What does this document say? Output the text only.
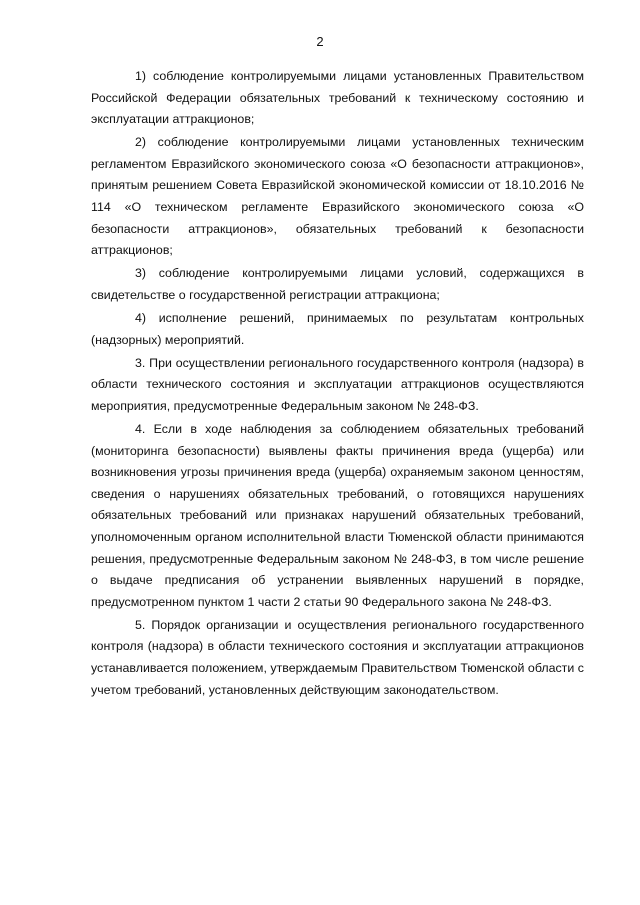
2

1) соблюдение контролируемыми лицами установленных Правительством Российской Федерации обязательных требований к техническому состоянию и эксплуатации аттракционов;

2) соблюдение контролируемыми лицами установленных техническим регламентом Евразийского экономического союза «О безопасности аттракционов», принятым решением Совета Евразийской экономической комиссии от 18.10.2016 № 114 «О техническом регламенте Евразийского экономического союза «О безопасности аттракционов», обязательных требований к безопасности аттракционов;

3) соблюдение контролируемыми лицами условий, содержащихся в свидетельстве о государственной регистрации аттракциона;

4) исполнение решений, принимаемых по результатам контрольных (надзорных) мероприятий.

3. При осуществлении регионального государственного контроля (надзора) в области технического состояния и эксплуатации аттракционов осуществляются мероприятия, предусмотренные Федеральным законом № 248-ФЗ.

4. Если в ходе наблюдения за соблюдением обязательных требований (мониторинга безопасности) выявлены факты причинения вреда (ущерба) или возникновения угрозы причинения вреда (ущерба) охраняемым законом ценностям, сведения о нарушениях обязательных требований, о готовящихся нарушениях обязательных требований или признаках нарушений обязательных требований, уполномоченным органом исполнительной власти Тюменской области принимаются решения, предусмотренные Федеральным законом № 248-ФЗ, в том числе решение о выдаче предписания об устранении выявленных нарушений в порядке, предусмотренном пунктом 1 части 2 статьи 90 Федерального закона № 248-ФЗ.

5. Порядок организации и осуществления регионального государственного контроля (надзора) в области технического состояния и эксплуатации аттракционов устанавливается положением, утверждаемым Правительством Тюменской области с учетом требований, установленных действующим законодательством.
